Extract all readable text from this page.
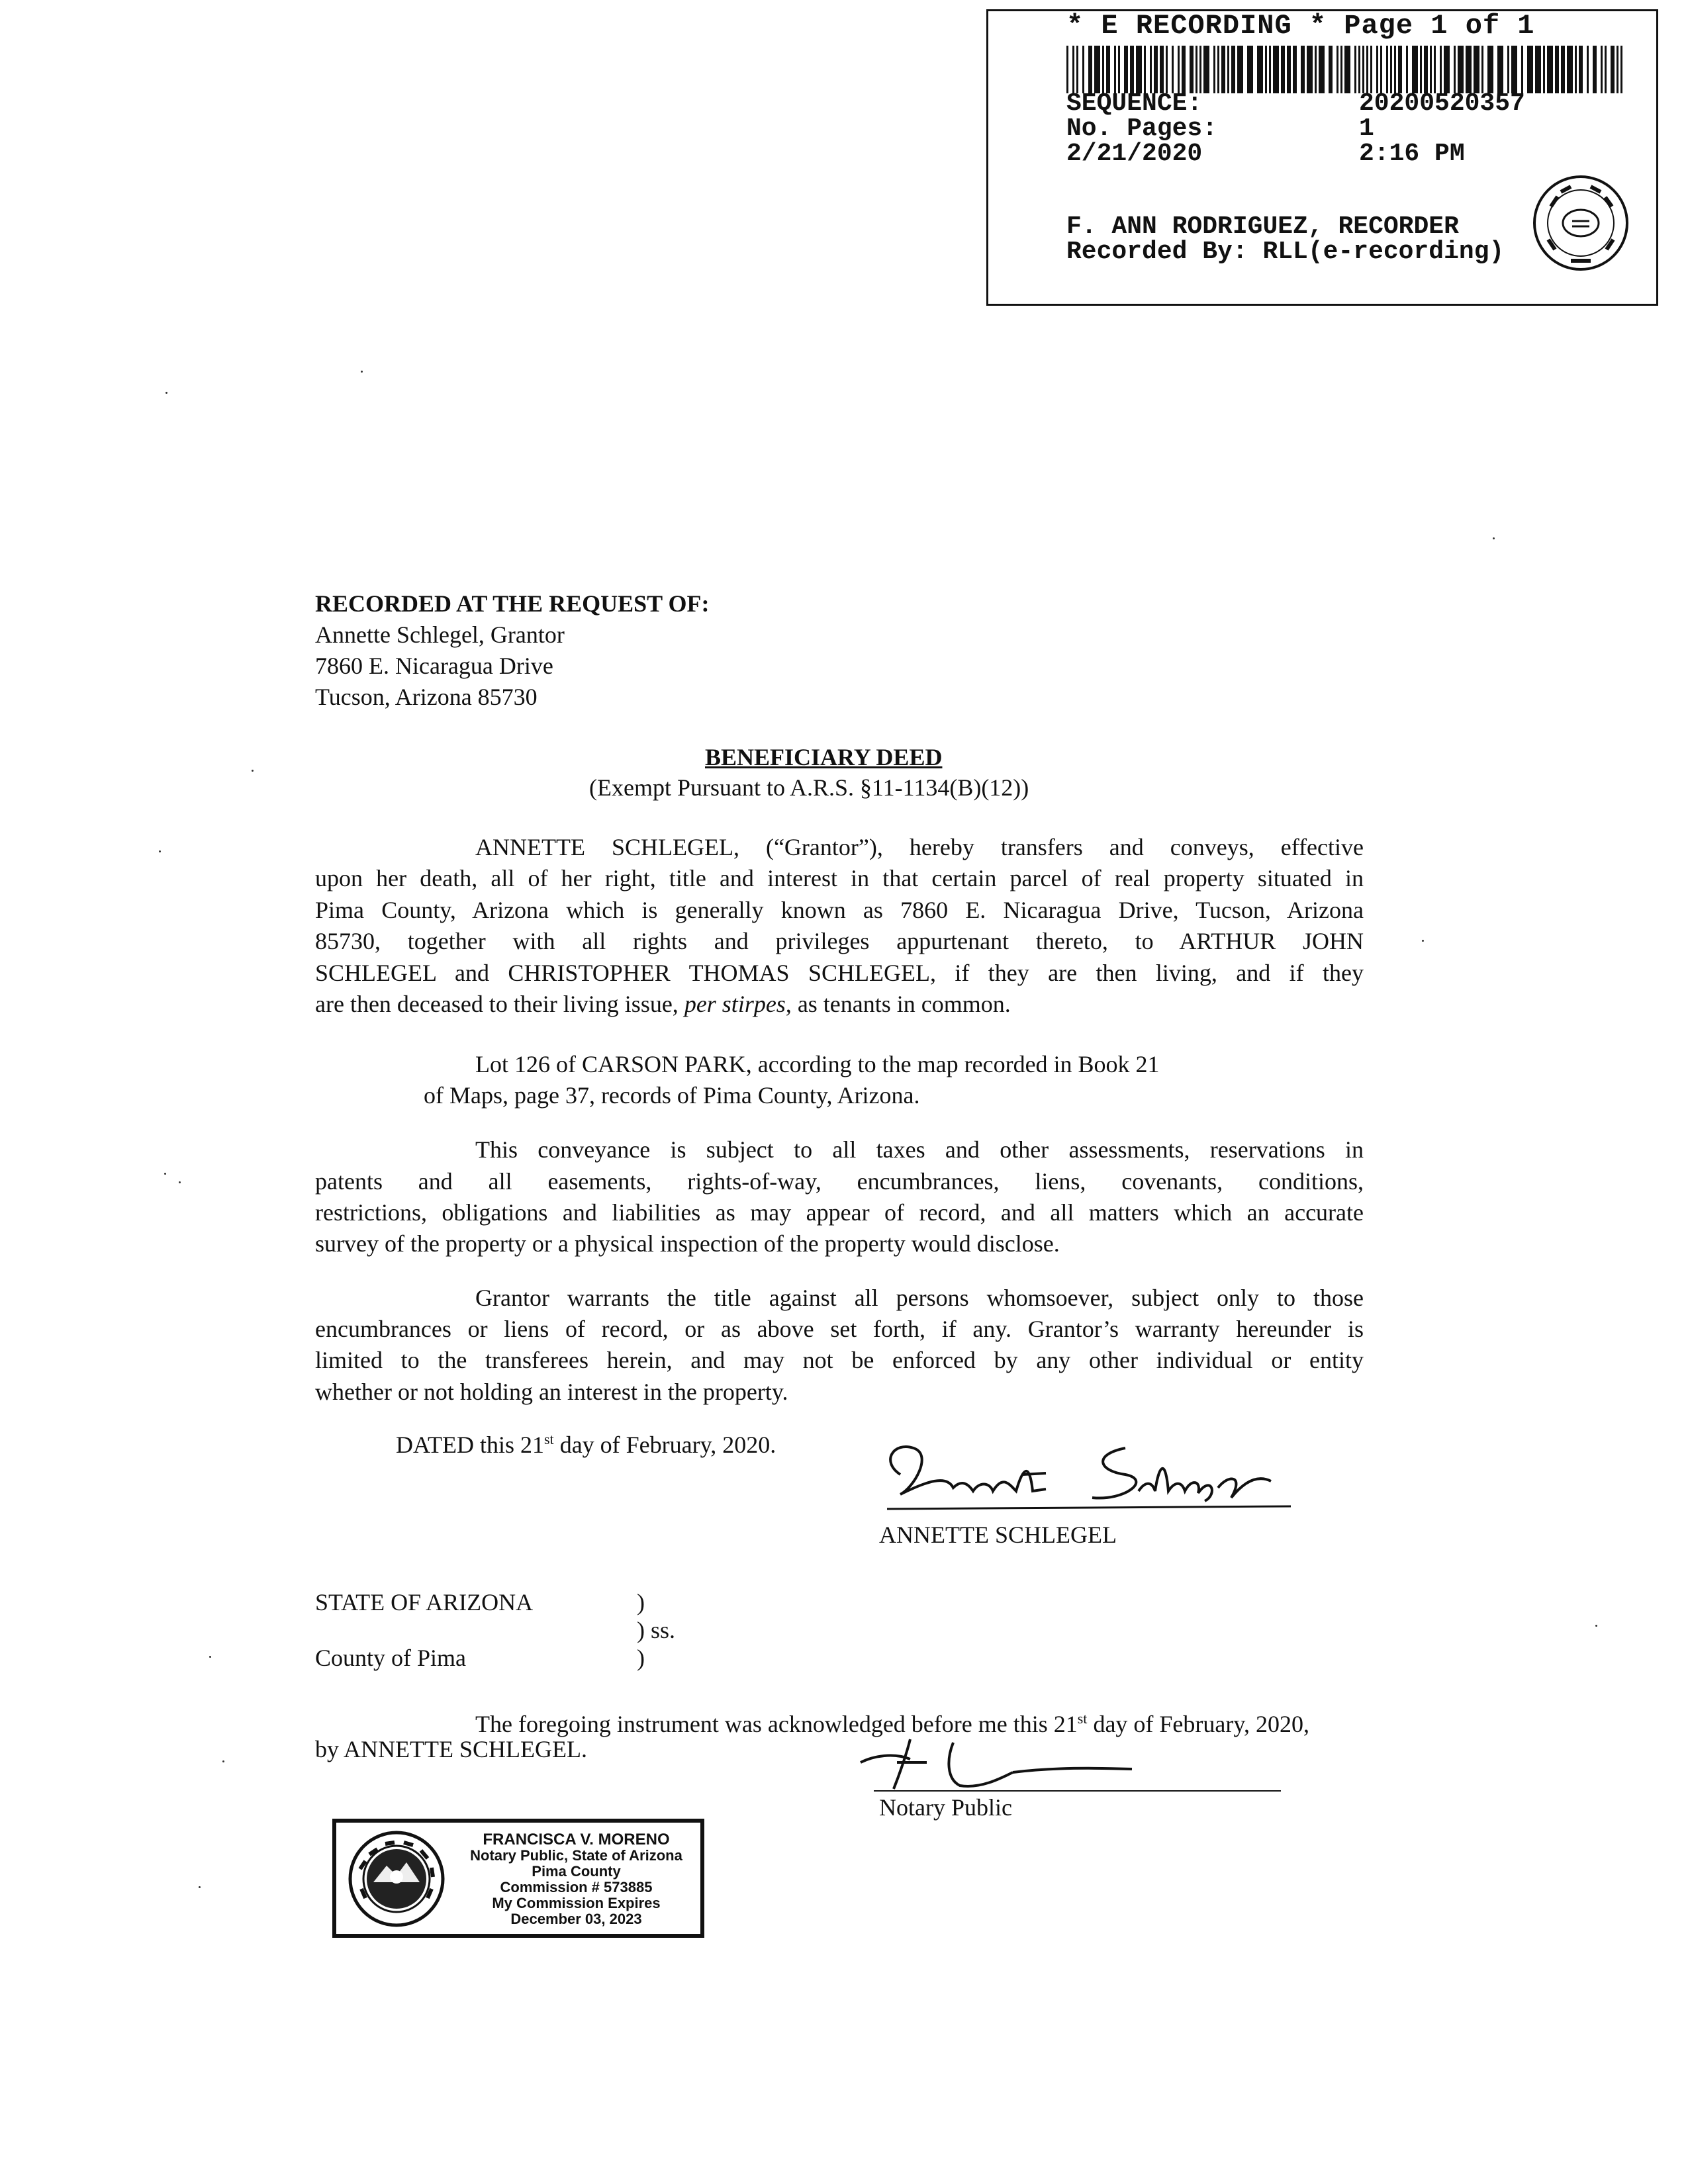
* E RECORDING * Page 1 of 1
SEQUENCE:	20200520357
No. Pages:	1
2/21/2020	2:16 PM
F. ANN RODRIGUEZ, RECORDER
Recorded By: RLL(e-recording)
RECORDED AT THE REQUEST OF:
Annette Schlegel, Grantor
7860 E. Nicaragua Drive
Tucson, Arizona 85730
BENEFICIARY DEED
(Exempt Pursuant to A.R.S. §11-1134(B)(12))
ANNETTE SCHLEGEL, (“Grantor”), hereby transfers and conveys, effective
upon her death, all of her right, title and interest in that certain parcel of real property situated in
Pima County, Arizona which is generally known as 7860 E. Nicaragua Drive, Tucson, Arizona
85730, together with all rights and privileges appurtenant thereto, to ARTHUR JOHN
SCHLEGEL and CHRISTOPHER THOMAS SCHLEGEL, if they are then living, and if they
are then deceased to their living issue, per stirpes, as tenants in common.
Lot 126 of CARSON PARK, according to the map recorded in Book 21
of Maps, page 37, records of Pima County, Arizona.
This conveyance is subject to all taxes and other assessments, reservations in
patents and all easements, rights-of-way, encumbrances, liens, covenants, conditions,
restrictions, obligations and liabilities as may appear of record, and all matters which an accurate
survey of the property or a physical inspection of the property would disclose.
Grantor warrants the title against all persons whomsoever, subject only to those
encumbrances or liens of record, or as above set forth, if any. Grantor’s warranty hereunder is
limited to the transferees herein, and may not be enforced by any other individual or entity
whether or not holding an interest in the property.
DATED this 21st day of February, 2020.
ANNETTE SCHLEGEL
STATE OF ARIZONA	)
) ss.
County of Pima	)
The foregoing instrument was acknowledged before me this 21st day of February, 2020,
by ANNETTE SCHLEGEL.
Notary Public
FRANCISCA V. MORENO
Notary Public, State of Arizona
Pima County
Commission # 573885
My Commission Expires
December 03, 2023
